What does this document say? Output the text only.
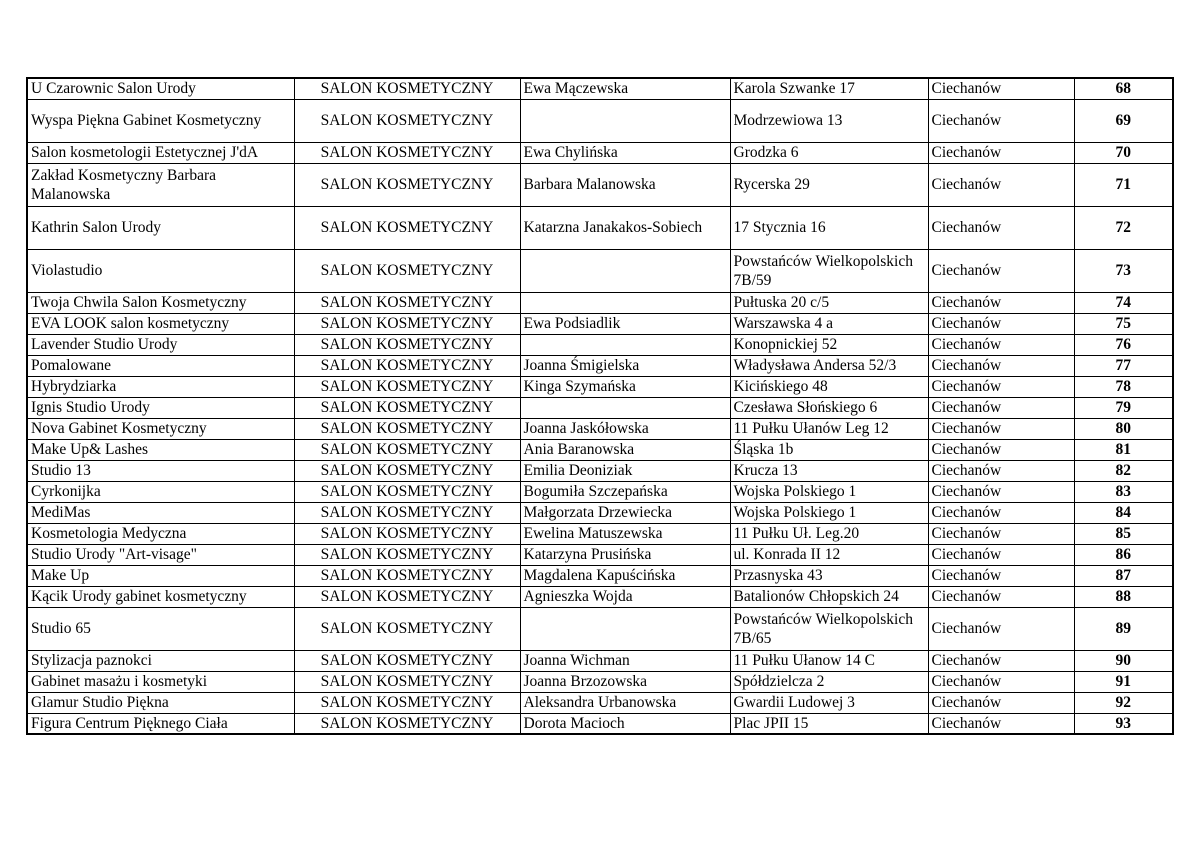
U Czarownic Salon Urody	SALON KOSMETYCZNY	Ewa Mączewska	Karola Szwanke 17	Ciechanów	68
Wyspa Piękna Gabinet Kosmetyczny	SALON KOSMETYCZNY		Modrzewiowa 13	Ciechanów	69
Salon kosmetologii Estetycznej J'dA	SALON KOSMETYCZNY	Ewa Chylińska	Grodzka 6	Ciechanów	70
Zakład Kosmetyczny Barbara Malanowska	SALON KOSMETYCZNY	Barbara Malanowska	Rycerska 29	Ciechanów	71
Kathrin Salon Urody	SALON KOSMETYCZNY	Katarzna Janakakos-Sobiech	17 Stycznia 16	Ciechanów	72
Violastudio	SALON KOSMETYCZNY		Powstańców Wielkopolskich 7B/59	Ciechanów	73
Twoja Chwila Salon Kosmetyczny	SALON KOSMETYCZNY		Pułtuska 20 c/5	Ciechanów	74
EVA LOOK salon kosmetyczny	SALON KOSMETYCZNY	Ewa Podsiadlik	Warszawska 4 a	Ciechanów	75
Lavender Studio Urody	SALON KOSMETYCZNY		Konopnickiej 52	Ciechanów	76
Pomalowane	SALON KOSMETYCZNY	Joanna Śmigielska	Władysława Andersa 52/3	Ciechanów	77
Hybrydziarka	SALON KOSMETYCZNY	Kinga Szymańska	Kicińskiego 48	Ciechanów	78
Ignis Studio Urody	SALON KOSMETYCZNY		Czesława Słońskiego 6	Ciechanów	79
Nova Gabinet Kosmetyczny	SALON KOSMETYCZNY	Joanna Jaskółowska	11 Pułku Ułanów Leg 12	Ciechanów	80
Make Up& Lashes	SALON KOSMETYCZNY	Ania Baranowska	Śląska 1b	Ciechanów	81
Studio 13	SALON KOSMETYCZNY	Emilia Deoniziak	Krucza 13	Ciechanów	82
Cyrkonijka	SALON KOSMETYCZNY	Bogumiła Szczepańska	Wojska Polskiego 1	Ciechanów	83
MediMas	SALON KOSMETYCZNY	Małgorzata Drzewiecka	Wojska Polskiego 1	Ciechanów	84
Kosmetologia Medyczna	SALON KOSMETYCZNY	Ewelina Matuszewska	11 Pułku Uł. Leg.20	Ciechanów	85
Studio Urody "Art-visage"	SALON KOSMETYCZNY	Katarzyna Prusińska	ul. Konrada II 12	Ciechanów	86
Make Up	SALON KOSMETYCZNY	Magdalena Kapuścińska	Przasnyska 43	Ciechanów	87
Kącik Urody gabinet kosmetyczny	SALON KOSMETYCZNY	Agnieszka Wojda	Batalionów Chłopskich 24	Ciechanów	88
Studio 65	SALON KOSMETYCZNY		Powstańców Wielkopolskich 7B/65	Ciechanów	89
Stylizacja paznokci	SALON KOSMETYCZNY	Joanna Wichman	11 Pułku Ułanow 14 C	Ciechanów	90
Gabinet masażu i kosmetyki	SALON KOSMETYCZNY	Joanna Brzozowska	Spółdzielcza 2	Ciechanów	91
Glamur Studio Piękna	SALON KOSMETYCZNY	Aleksandra Urbanowska	Gwardii Ludowej 3	Ciechanów	92
Figura Centrum Pięknego Ciała	SALON KOSMETYCZNY	Dorota Macioch	Plac JPII 15	Ciechanów	93
